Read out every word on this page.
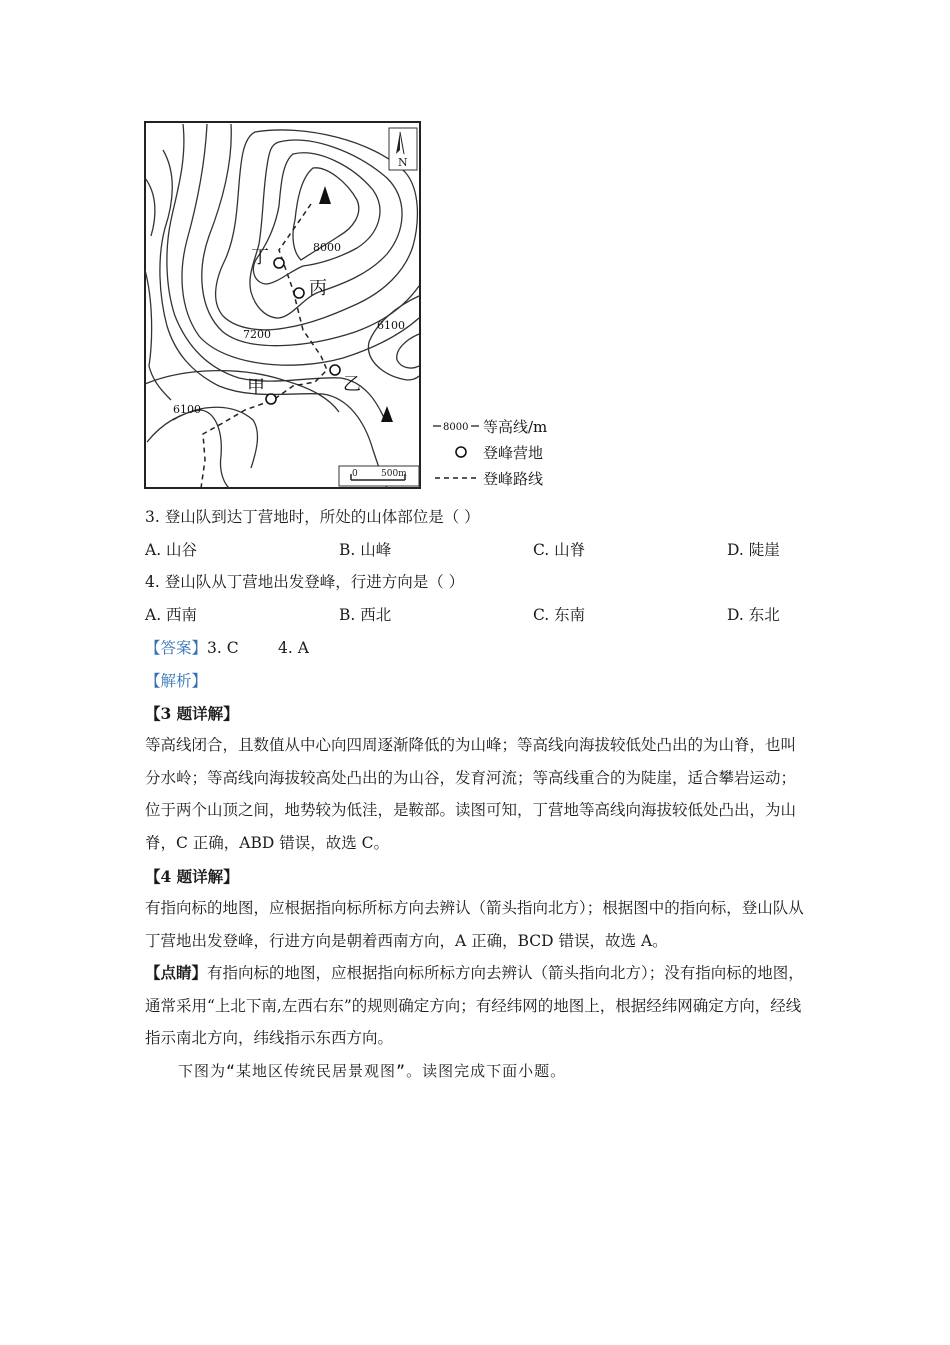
丁
丙
乙
甲
8000
7200
6100
6100
N
0	500m
8000 等高线/m
登峰营地
登峰路线
3. 登山队到达丁营地时，所处的山体部位是（ ）
A. 山谷	B. 山峰	C. 山脊	D. 陡崖
4. 登山队从丁营地出发登峰，行进方向是（ ）
A. 西南	B. 西北	C. 东南	D. 东北
【答案】3. C        4. A
【解析】
【3 题详解】
等高线闭合，且数值从中心向四周逐渐降低的为山峰；等高线向海拔较低处凸出的为山脊，也叫分水岭；等高线向海拔较高处凸出的为山谷，发育河流；等高线重合的为陡崖，适合攀岩运动；位于两个山顶之间，地势较为低洼，是鞍部。读图可知，丁营地等高线向海拔较低处凸出，为山脊，C 正确，ABD 错误，故选 C。
【4 题详解】
有指向标的地图，应根据指向标所标方向去辨认（箭头指向北方）；根据图中的指向标，登山队从丁营地出发登峰，行进方向是朝着西南方向，A 正确，BCD 错误，故选 A。
【点睛】有指向标的地图，应根据指向标所标方向去辨认（箭头指向北方）；没有指向标的地图，通常采用“上北下南,左西右东”的规则确定方向；有经纬网的地图上，根据经纬网确定方向，经线指示南北方向，纬线指示东西方向。
下图为“某地区传统民居景观图”。读图完成下面小题。
